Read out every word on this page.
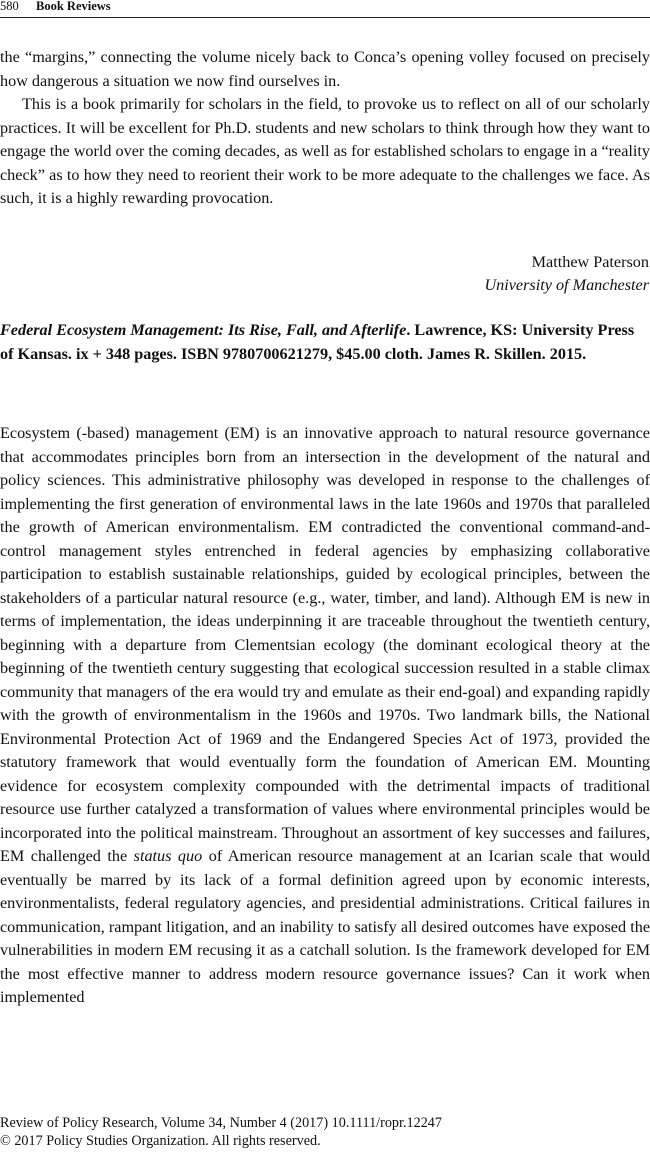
580 Book Reviews

the “margins,” connecting the volume nicely back to Conca’s opening volley focused on precisely how dangerous a situation we now find ourselves in.

This is a book primarily for scholars in the field, to provoke us to reflect on all of our scholarly practices. It will be excellent for Ph.D. students and new scholars to think through how they want to engage the world over the coming decades, as well as for established scholars to engage in a “reality check” as to how they need to reorient their work to be more adequate to the challenges we face. As such, it is a highly rewarding provocation.

Matthew Paterson
University of Manchester
Federal Ecosystem Management: Its Rise, Fall, and Afterlife. Lawrence, KS: University Press of Kansas. ix + 348 pages. ISBN 9780700621279, $45.00 cloth. James R. Skillen. 2015.

Ecosystem (-based) management (EM) is an innovative approach to natural resource governance that accommodates principles born from an intersection in the development of the natural and policy sciences. This administrative philosophy was developed in response to the challenges of implementing the first generation of environmental laws in the late 1960s and 1970s that paralleled the growth of American environmentalism. EM contradicted the conventional command-and-control management styles entrenched in federal agencies by emphasizing collaborative participation to establish sustainable relationships, guided by ecological principles, between the stakeholders of a particular natural resource (e.g., water, timber, and land). Although EM is new in terms of implementation, the ideas underpinning it are traceable throughout the twentieth century, beginning with a departure from Clementsian ecology (the dominant ecological theory at the beginning of the twentieth century suggesting that ecological succession resulted in a stable climax community that managers of the era would try and emulate as their end-goal) and expanding rapidly with the growth of environmentalism in the 1960s and 1970s. Two landmark bills, the National Environmental Protection Act of 1969 and the Endangered Species Act of 1973, provided the statutory framework that would eventually form the foundation of American EM. Mounting evidence for ecosystem complexity compounded with the detrimental impacts of traditional resource use further catalyzed a transformation of values where environmental principles would be incorporated into the political mainstream. Throughout an assortment of key successes and failures, EM challenged the status quo of American resource management at an Icarian scale that would eventually be marred by its lack of a formal definition agreed upon by economic interests, environmentalists, federal regulatory agencies, and presidential administrations. Critical failures in communication, rampant litigation, and an inability to satisfy all desired outcomes have exposed the vulnerabilities in modern EM recusing it as a catchall solution. Is the framework developed for EM the most effective manner to address modern resource governance issues? Can it work when implemented

Review of Policy Research, Volume 34, Number 4 (2017) 10.1111/ropr.12247
© 2017 Policy Studies Organization. All rights reserved.
